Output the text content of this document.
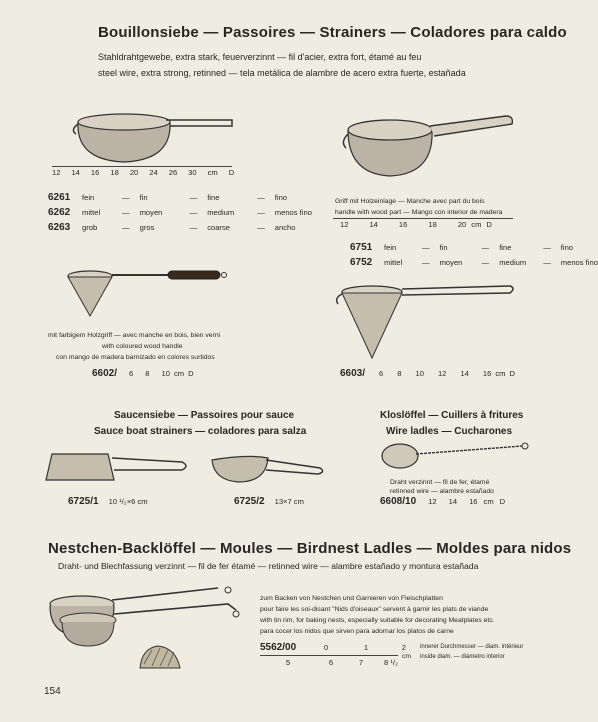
Bouillonsiebe — Passoires — Strainers — Coladores para caldo
Stahldrahtgewebe, extra stark, feuerverzinnt — fil d'acier, extra fort, étamé au feu
steel wire, extra strong, retinned — tela metálica de alambre de acero extra fuerte, estañada
12 14 16 18 20 24 26 30 cm D
6261 fein	— fin	— fine	— fino
6262 mittel	— moyen	— medium	— menos fino
6263 grob	— gros	— coarse	— ancho
Griff mit Holzeinlage — Manche avec part du bois
handle with wood part — Mango con interior de madera
12	14	16	18	20 cm D
6751 fein	— fin	— fine	— fino
6752 mittel	— moyen	— medium	— menos fino
mit farbigem Holzgriff — avec manche en bois, bien verni
with coloured wood handle
con mango de madera barnizado en colores surtidos
6602/ 6 8 10 cm D	6603/ 6 8 10 12 14 16 cm D
Saucensiebe — Passoires pour sauce
Sauce boat strainers — coladores para salza
6725/1 10 ¹/₂×6 cm	6725/2 13×7 cm
Kloslöffel — Cuillers à fritures
Wire ladles — Cucharones
Draht verzinnt — fil de fer, étamé
retinned wire — alambre estañado
6608/10 12 14 16 cm D
Nestchen-Backlöffel — Moules — Birdnest Ladles — Moldes para nidos
Draht- und Blechfassung verzinnt — fil de fer étamé — retinned wire — alambre estañado y montura estañada
zum Backen von Nestchen und Garnieren von Fleischplatten
pour faire les soi-disant "Nids d'oiseaux" servent à garnir les plats de viande
with tin rim, for baking nests, especially suitable for decorating Meatplates etc.
para cocer los nidos que sirven para adornar los platos de carne
5562/00	0	1	2
5	6	7	8 ¹/₂
cm
innerer Durchmesser — diam. intérieur
inside diam. — diámetro interior
154
